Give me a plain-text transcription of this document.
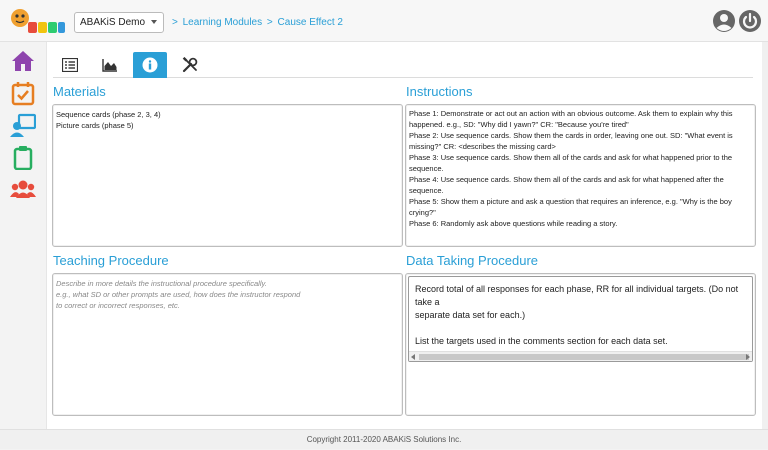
ABAKiS Demo	> Learning Modules > Cause Effect 2
Materials
Sequence cards (phase 2, 3, 4)
Picture cards (phase 5)
Instructions
Phase 1: Demonstrate or act out an action with an obvious outcome. Ask them to explain why this
happened. e.g., SD: "Why did I yawn?" CR: "Because you're tired"
Phase 2: Use sequence cards. Show them the cards in order, leaving one out. SD: "What event is
missing?" CR: <describes the missing card>
Phase 3: Use sequence cards. Show them all of the cards and ask for what happened prior to the
sequence.
Phase 4: Use sequence cards. Show them all of the cards and ask for what happened after the
sequence.
Phase 5: Show them a picture and ask a question that requires an inference, e.g. "Why is the boy
crying?"
Phase 6: Randomly ask above questions while reading a story.
Teaching Procedure
Describe in more details the instructional procedure specifically.
e.g., what SD or other prompts are used, how does the instructor respond
to correct or incorrect responses, etc.
Data Taking Procedure
Record total of all responses for each phase, RR for all individual targets. (Do not take a
separate data set for each.)
List the targets used in the comments section for each data set.
Copyright 2011-2020 ABAKiS Solutions Inc.
